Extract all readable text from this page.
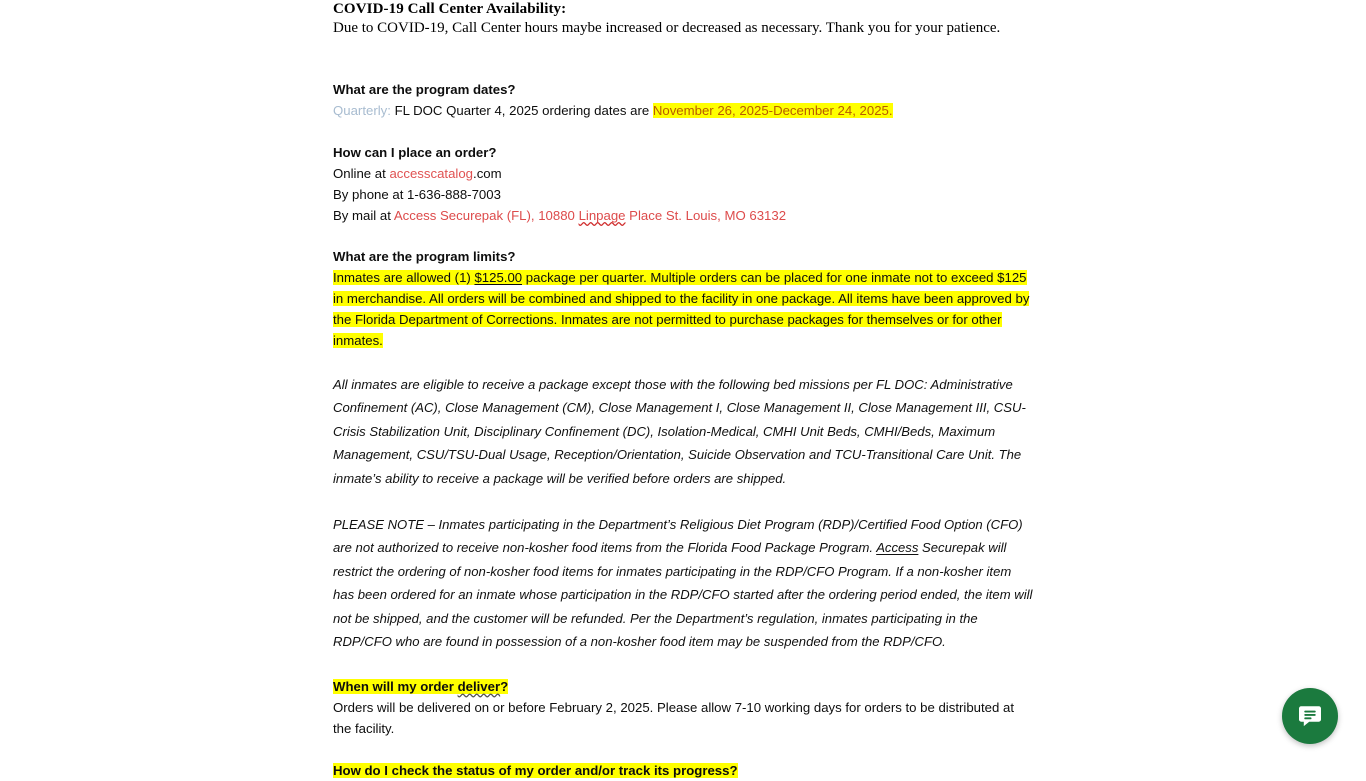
COVID-19 Call Center Availability:

Due to COVID-19, Call Center hours maybe increased or decreased as necessary. Thank you for your patience.

What are the program dates?

Quarterly: FL DOC Quarter 4, 2025 ordering dates are November 26, 2025-December 24, 2025.

How can I place an order?

Online at accesscatalog.com

By phone at 1-636-888-7003

By mail at Access Securepak (FL), 10880 Linpage Place St. Louis, MO 63132

What are the program limits?

Inmates are allowed (1) $125.00 package per quarter. Multiple orders can be placed for one inmate not to exceed $125 in merchandise. All orders will be combined and shipped to the facility in one package. All items have been approved by the Florida Department of Corrections. Inmates are not permitted to purchase packages for themselves or for other inmates.

All inmates are eligible to receive a package except those with the following bed missions per FL DOC: Administrative Confinement (AC), Close Management (CM), Close Management I, Close Management II, Close Management III, CSU-Crisis Stabilization Unit, Disciplinary Confinement (DC), Isolation-Medical, CMHI Unit Beds, CMHI/Beds, Maximum Management, CSU/TSU-Dual Usage, Reception/Orientation, Suicide Observation and TCU-Transitional Care Unit. The inmate’s ability to receive a package will be verified before orders are shipped.

PLEASE NOTE – Inmates participating in the Department’s Religious Diet Program (RDP)/Certified Food Option (CFO) are not authorized to receive non-kosher food items from the Florida Food Package Program. Access Securepak will restrict the ordering of non-kosher food items for inmates participating in the RDP/CFO Program. If a non-kosher item has been ordered for an inmate whose participation in the RDP/CFO started after the ordering period ended, the item will not be shipped, and the customer will be refunded. Per the Department’s regulation, inmates participating in the RDP/CFO who are found in possession of a non-kosher food item may be suspended from the RDP/CFO.

When will my order deliver?

Orders will be delivered on or before February 2, 2025. Please allow 7-10 working days for orders to be distributed at the facility.

How do I check the status of my order and/or track its progress?
